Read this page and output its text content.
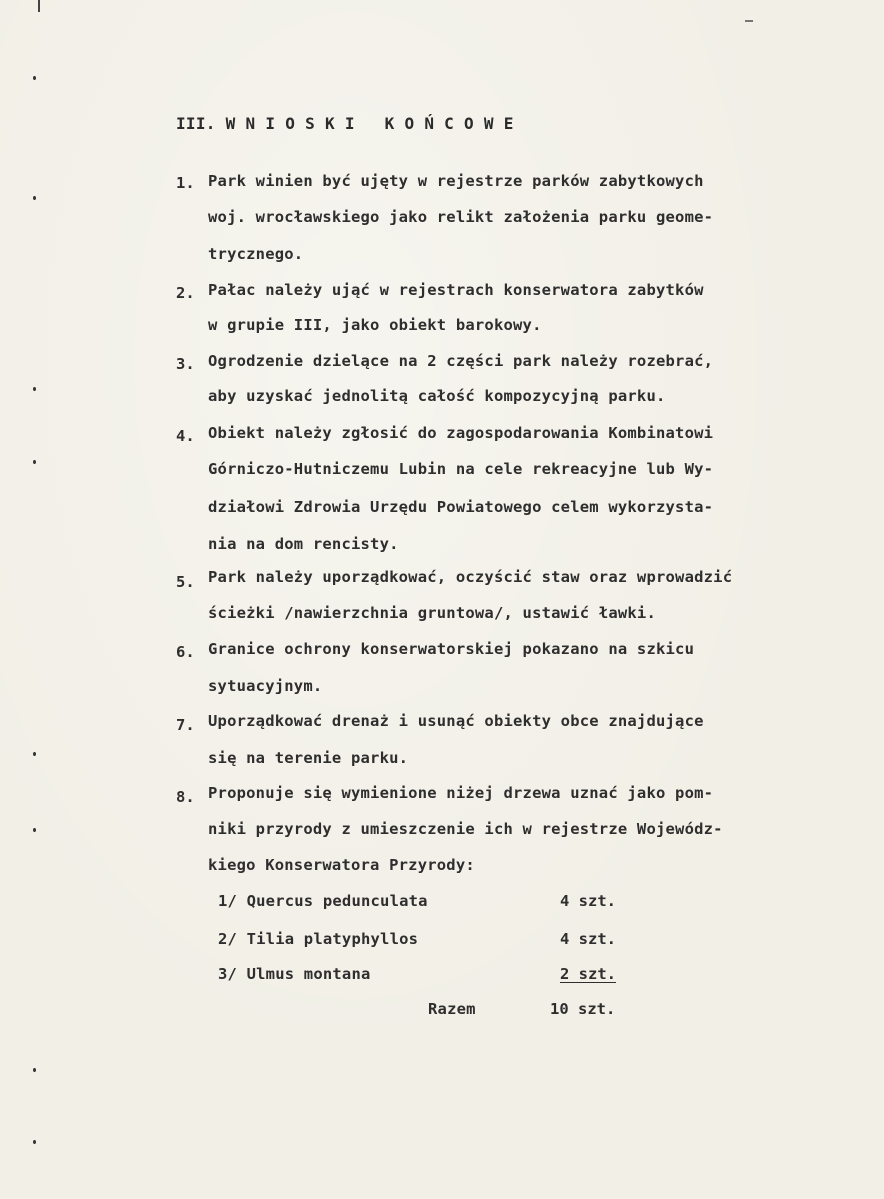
III. W N I O S K I   K O Ń C O W E
1. Park winien być ujęty w rejestrze parków zabytkowych
woj. wrocławskiego jako relikt założenia parku geome-
trycznego.
2. Pałac należy ująć w rejestrach konserwatora zabytków
w grupie III, jako obiekt barokowy.
3. Ogrodzenie dzielące na 2 części park należy rozebrać,
aby uzyskać jednolitą całość kompozycyjną parku.
4. Obiekt należy zgłosić do zagospodarowania Kombinatowi
Górniczo-Hutniczemu Lubin na cele rekreacyjne lub Wy-
działowi Zdrowia Urzędu Powiatowego celem wykorzysta-
nia na dom rencisty.
5. Park należy uporządkować, oczyścić staw oraz wprowadzić
ścieżki /nawierzchnia gruntowa/, ustawić ławki.
6. Granice ochrony konserwatorskiej pokazano na szkicu
sytuacyjnym.
7. Uporządkować drenaż i usunąć obiekty obce znajdujące
się na terenie parku.
8. Proponuje się wymienione niżej drzewa uznać jako pom-
niki przyrody z umieszczenie ich w rejestrze Wojewódz-
kiego Konserwatora Przyrody:
1/ Quercus pedunculata	4 szt.
2/ Tilia platyphyllos	4 szt.
3/ Ulmus montana	2 szt.
Razem	10 szt.
